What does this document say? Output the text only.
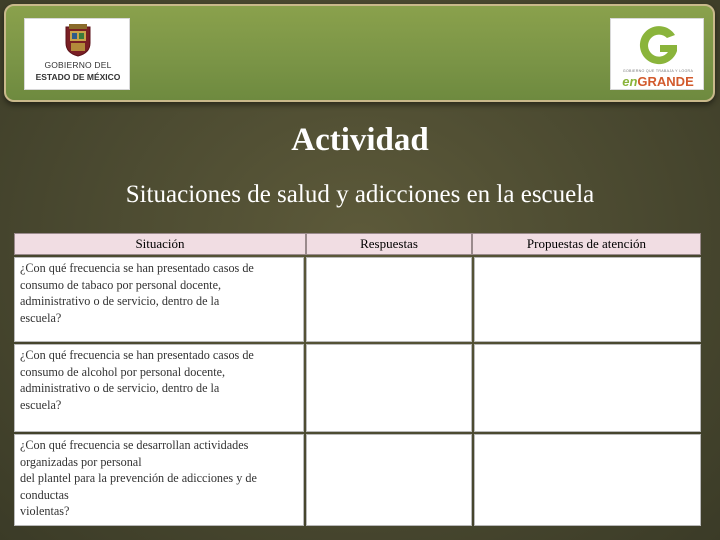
GOBIERNO DEL
ESTADO DE MÉXICO
GOBIERNO QUE TRABAJA Y LOGRA
enGRANDE
Actividad
Situaciones de salud y adicciones en la escuela
Situación	Respuestas	Propuestas de atención
¿Con qué frecuencia se han presentado casos de
consumo de tabaco por personal docente,
administrativo o de servicio, dentro de la
escuela?
¿Con qué frecuencia se han presentado casos de
consumo de alcohol por personal docente,
administrativo o de servicio, dentro de la
escuela?
¿Con qué frecuencia se desarrollan actividades
organizadas por personal
del plantel para la prevención de adicciones y de
conductas
violentas?
